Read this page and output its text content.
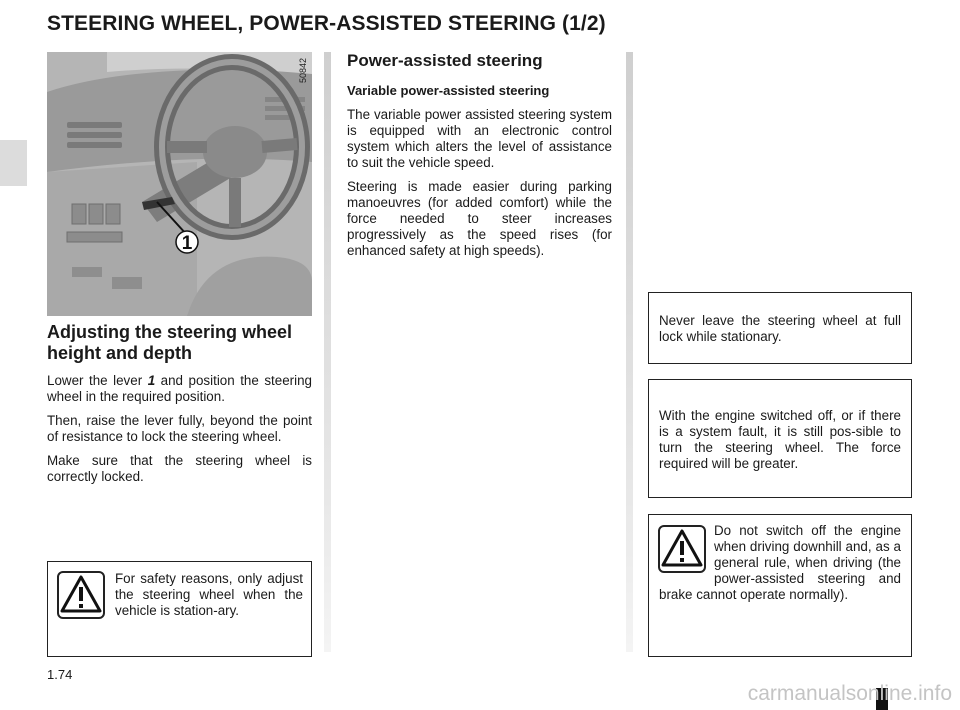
STEERING WHEEL, POWER-ASSISTED STEERING (1/2)
1
50842
Adjusting the steering wheel
height and depth

Lower the lever 1 and position the steering wheel in the required position.

Then, raise the lever fully, beyond the point of resistance to lock the steering wheel.

Make sure that the steering wheel is correctly locked.

For safety reasons, only adjust the steering wheel when the vehicle is station-ary.

Power-assisted steering
Variable power-assisted steering

The variable power assisted steering system is equipped with an electronic control system which alters the level of assistance to suit the vehicle speed.

Steering is made easier during parking manoeuvres (for added comfort) while the force needed to steer increases progressively as the speed rises (for enhanced safety at high speeds).

Never leave the steering wheel at full lock while stationary.

With the engine switched off, or if there is a system fault, it is still pos-sible to turn the steering wheel. The force required will be greater.

Do not switch off the engine when driving downhill and, as a general rule, when driving (the power-assisted steering and brake cannot operate normally).

1.74
carmanualsonline.info
